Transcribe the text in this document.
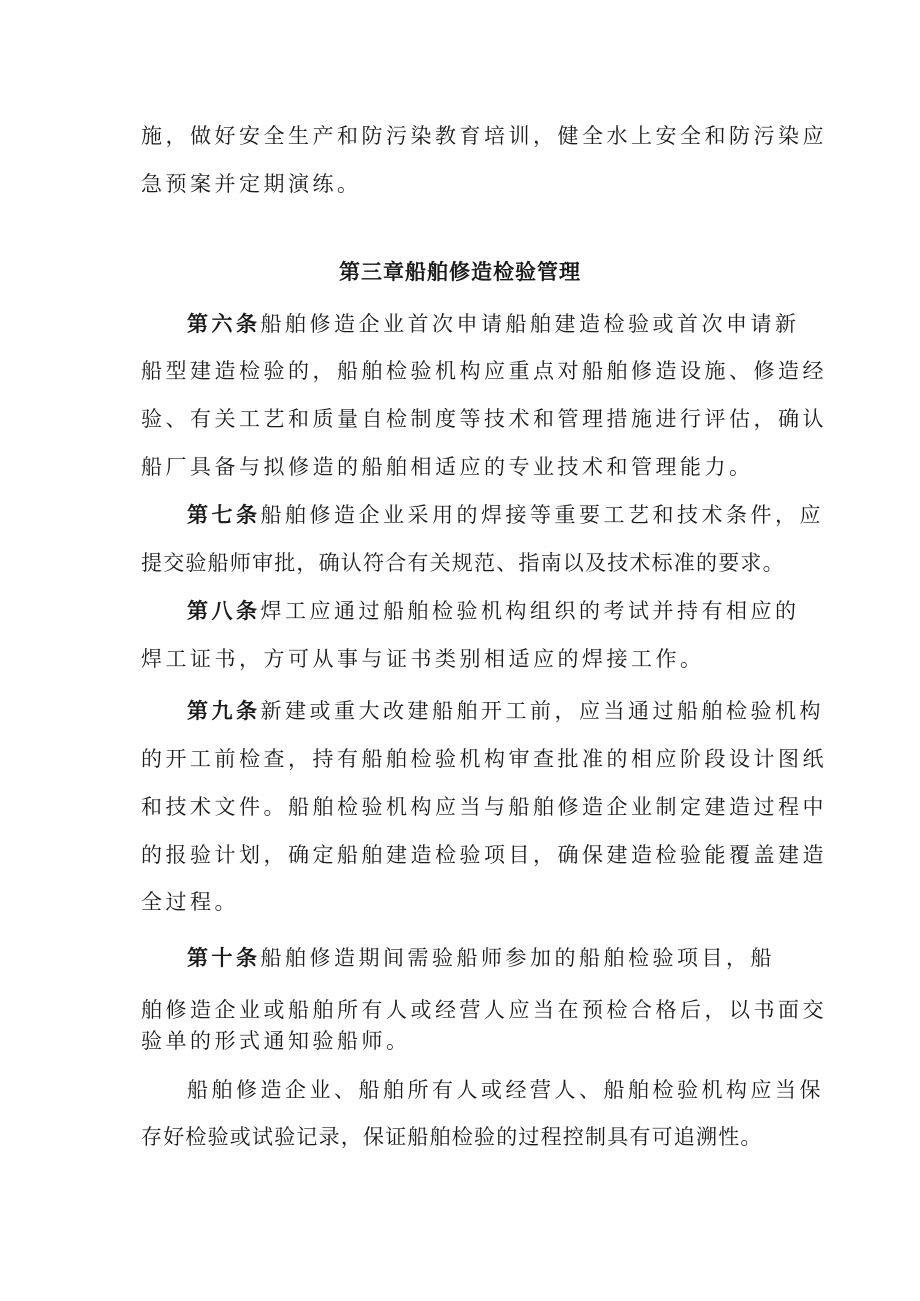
施，做好安全生产和防污染教育培训，健全水上安全和防污染应
急预案并定期演练。
第三章船舶修造检验管理
第六条船舶修造企业首次申请船舶建造检验或首次申请新
船型建造检验的，船舶检验机构应重点对船舶修造设施、修造经
验、有关工艺和质量自检制度等技术和管理措施进行评估，确认
船厂具备与拟修造的船舶相适应的专业技术和管理能力。
第七条船舶修造企业采用的焊接等重要工艺和技术条件，应
提交验船师审批，确认符合有关规范、指南以及技术标准的要求。
第八条焊工应通过船舶检验机构组织的考试并持有相应的
焊工证书，方可从事与证书类别相适应的焊接工作。
第九条新建或重大改建船舶开工前，应当通过船舶检验机构
的开工前检查，持有船舶检验机构审查批准的相应阶段设计图纸
和技术文件。船舶检验机构应当与船舶修造企业制定建造过程中
的报验计划，确定船舶建造检验项目，确保建造检验能覆盖建造
全过程。
第十条船舶修造期间需验船师参加的船舶检验项目，船
舶修造企业或船舶所有人或经营人应当在预检合格后，以书面交
验单的形式通知验船师。
船舶修造企业、船舶所有人或经营人、船舶检验机构应当保
存好检验或试验记录，保证船舶检验的过程控制具有可追溯性。
